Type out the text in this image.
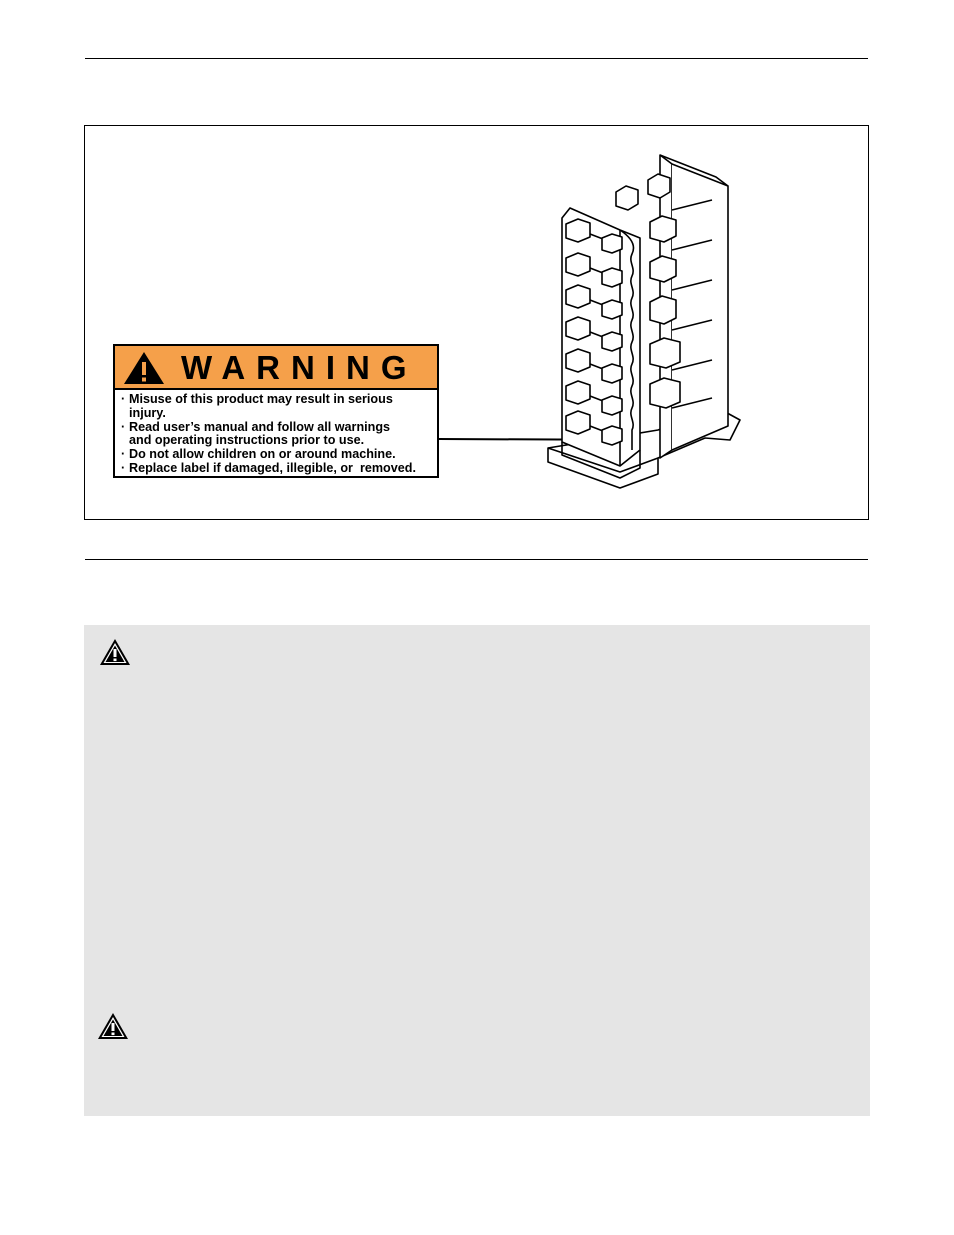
WARNING
· Misuse of this product may result in serious
injury.
· Read user’s manual and follow all warnings
and operating instructions prior to use.
· Do not allow children on or around machine.
· Replace label if damaged, illegible, or  removed.
